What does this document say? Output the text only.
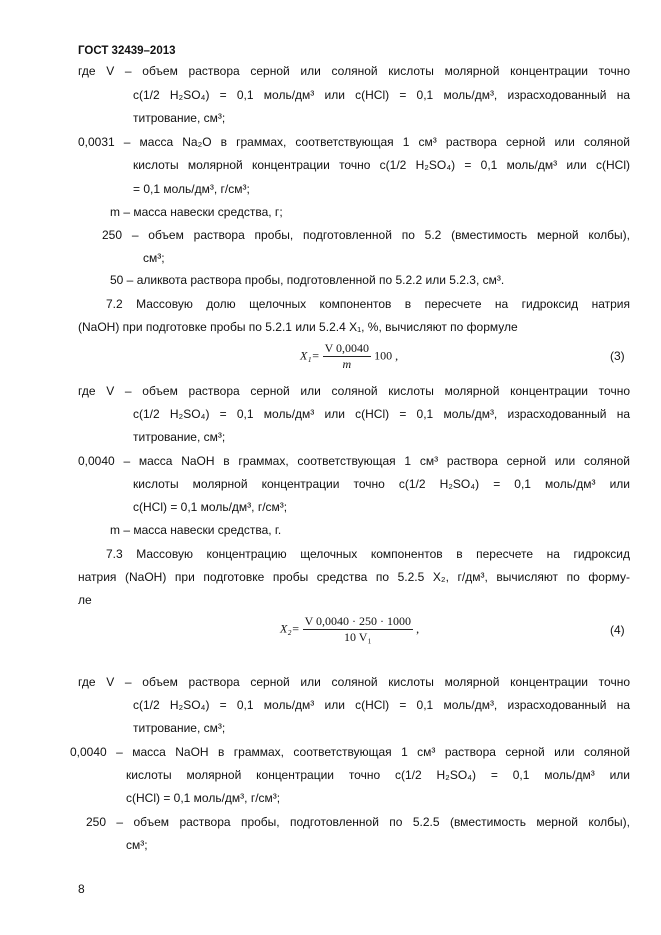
ГОСТ 32439–2013
где V – объем раствора серной или соляной кислоты молярной концентрации точно
c(1/2 H₂SO₄) = 0,1 моль/дм³ или c(HCl) = 0,1 моль/дм³, израсходованный на
титрование, см³;
0,0031 – масса Na₂O в граммах, соответствующая 1 см³ раствора серной или соляной
кислоты молярной концентрации точно c(1/2 H₂SO₄) = 0,1 моль/дм³ или c(HCl)
= 0,1 моль/дм³, г/см³;
m – масса навески средства, г;
250 – объем раствора пробы, подготовленной по 5.2 (вместимость мерной колбы),
см³;
50 – аликвота раствора пробы, подготовленной по 5.2.2 или 5.2.3, см³.
7.2 Массовую долю щелочных компонентов в пересчете на гидроксид натрия
(NaOH) при подготовке пробы по 5.2.1 или 5.2.4 X₁, %, вычисляют по формуле
$X_1= \frac{V 0,0040}{m} 100$ ,	(3)
где V – объем раствора серной или соляной кислоты молярной концентрации точно
c(1/2 H₂SO₄) = 0,1 моль/дм³ или c(HCl) = 0,1 моль/дм³, израсходованный на
титрование, см³;
0,0040 – масса NaOH в граммах, соответствующая 1 см³ раствора серной или соляной
кислоты молярной концентрации точно c(1/2 H₂SO₄) = 0,1 моль/дм³ или
c(HCl) = 0,1 моль/дм³, г/см³;
m – масса навески средства, г.
7.3 Массовую концентрацию щелочных компонентов в пересчете на гидроксид
натрия (NaOH) при подготовке пробы средства по 5.2.5 X₂, г/дм³, вычисляют по форму-
ле
$X_2= \frac{V 0,0040 \cdot 250 \cdot 1000}{\text{10 V₁}}$ ,	(4)
где V – объем раствора серной или соляной кислоты молярной концентрации точно
c(1/2 H₂SO₄) = 0,1 моль/дм³ или c(HCl) = 0,1 моль/дм³, израсходованный на
титрование, см³;
0,0040 – масса NaOH в граммах, соответствующая 1 см³ раствора серной или соляной
кислоты молярной концентрации точно c(1/2 H₂SO₄) = 0,1 моль/дм³ или
c(HCl) = 0,1 моль/дм³, г/см³;
250 – объем раствора пробы, подготовленной по 5.2.5 (вместимость мерной колбы),
см³;
8
